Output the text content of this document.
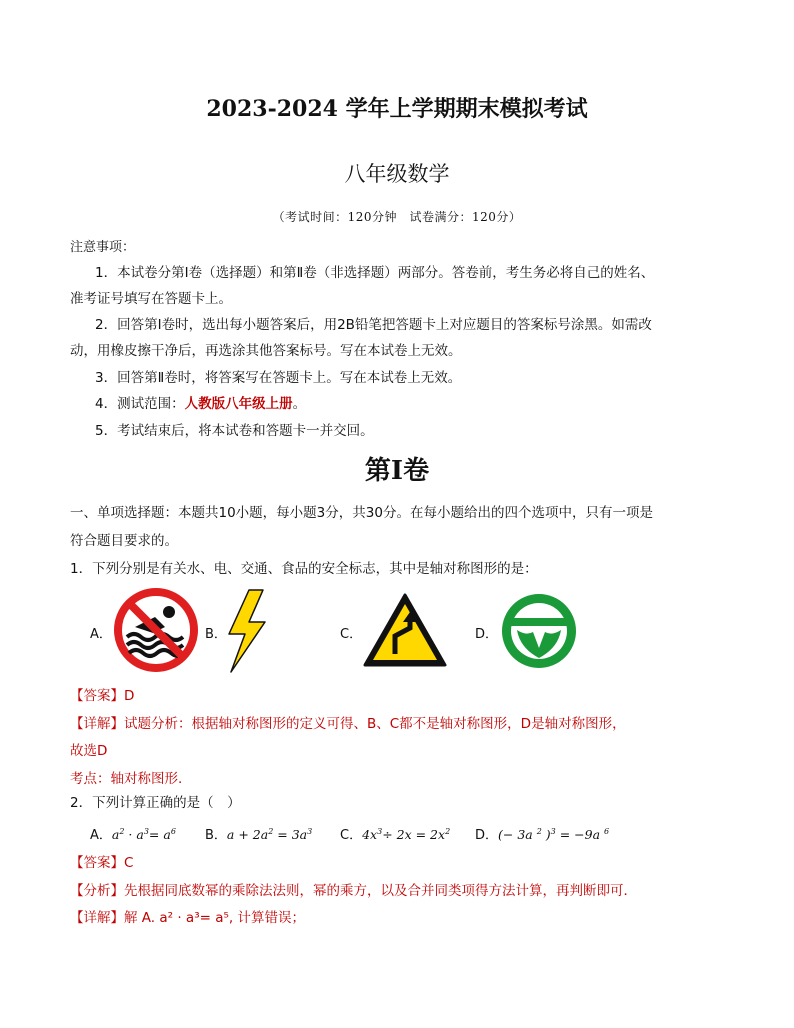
2023-2024 学年上学期期末模拟考试
八年级数学
（考试时间：120分钟　试卷满分：120分）
注意事项：
1．本试卷分第Ⅰ卷（选择题）和第Ⅱ卷（非选择题）两部分。答卷前，考生务必将自己的姓名、
准考证号填写在答题卡上。
2．回答第Ⅰ卷时，选出每小题答案后，用2B铅笔把答题卡上对应题目的答案标号涂黑。如需改
动，用橡皮擦干净后，再选涂其他答案标号。写在本试卷上无效。
3．回答第Ⅱ卷时，将答案写在答题卡上。写在本试卷上无效。
4．测试范围：人教版八年级上册。
5．考试结束后，将本试卷和答题卡一并交回。
第Ⅰ卷
一、单项选择题：本题共10小题，每小题3分，共30分。在每小题给出的四个选项中，只有一项是
符合题目要求的。
1．下列分别是有关水、电、交通、食品的安全标志，其中是轴对称图形的是：
A．	B．	C．	D．
【答案】D
【详解】试题分析：根据轴对称图形的定义可得、B、C都不是轴对称图形，D是轴对称图形，
故选D
考点：轴对称图形.
2．下列计算正确的是（　）
A．$a^2 \cdot a^3= a^6$ B．$a + 2a^2 = 3a^3$ C．$4x^3\div 2x = 2x^2$ D．(− 3a $^2$ )$^3$ = −9a $^6$
【答案】C
【分析】先根据同底数幂的乘除法法则，幂的乘方，以及合并同类项得方法计算，再判断即可．
【详解】解 A. a² · a³= a⁵, 计算错误；
